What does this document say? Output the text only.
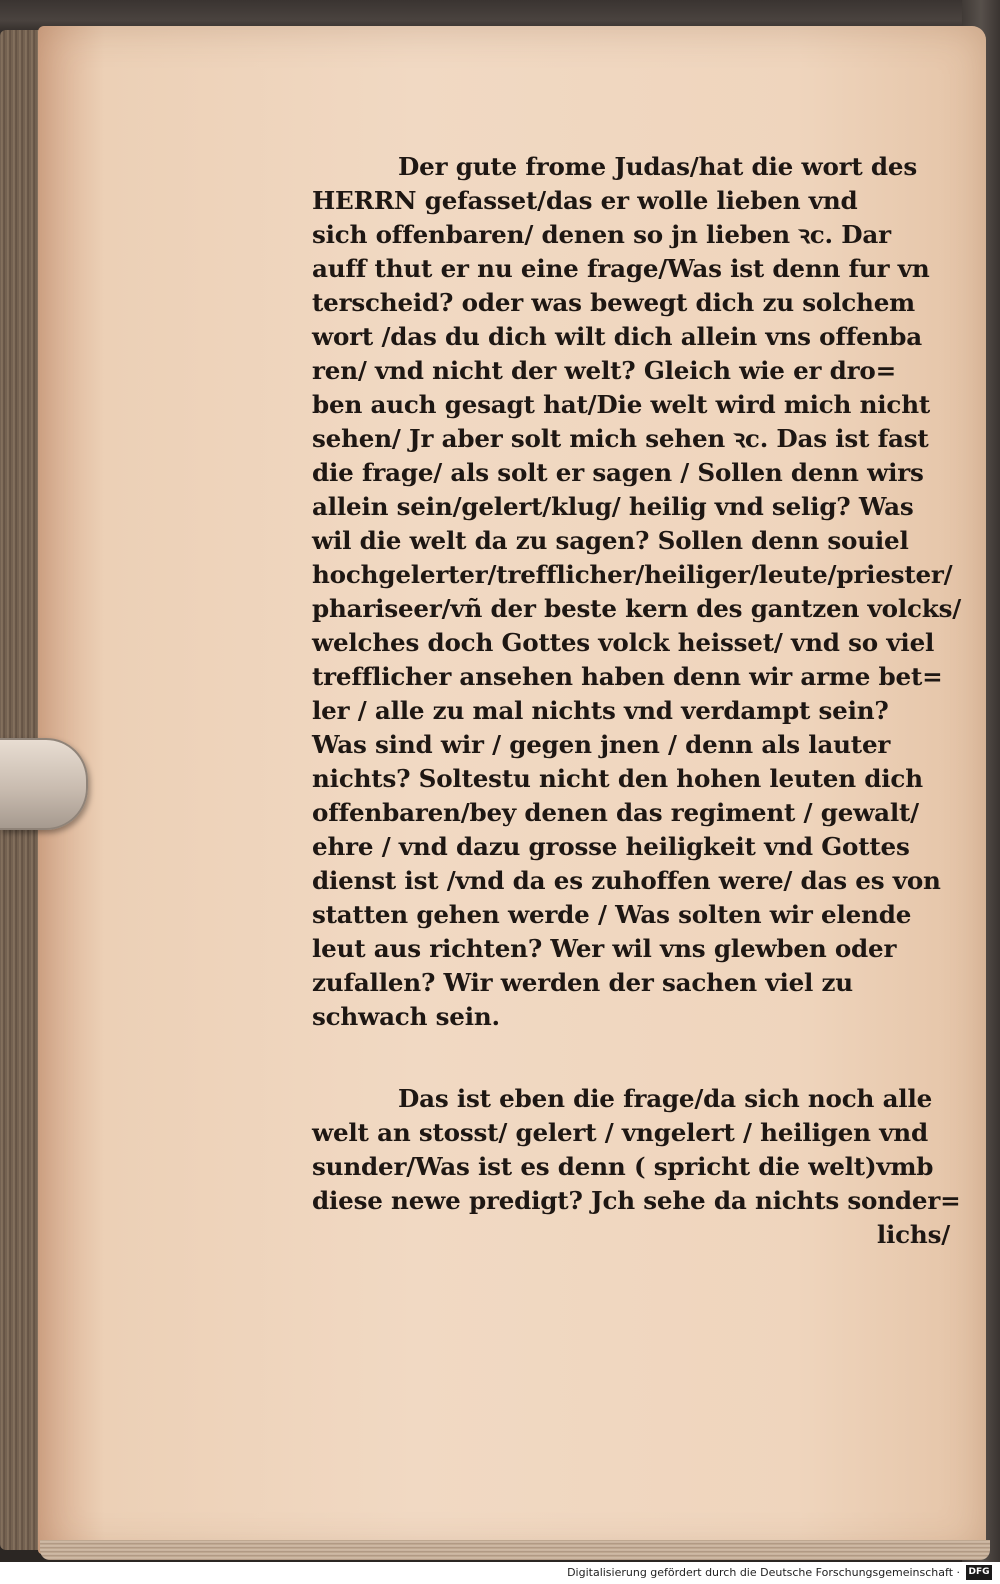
Der gute frome Judas/hat die wort des
HERRN gefasset/das er wolle lieben vnd
sich offenbaren/ denen so jn lieben ꝛc. Dar
auff thut er nu eine frage/Was ist denn fur vn
terscheid? oder was bewegt dich zu solchem
wort /das du dich wilt dich allein vns offenba
ren/ vnd nicht der welt? Gleich wie er dro=
ben auch gesagt hat/Die welt wird mich nicht
sehen/ Jr aber solt mich sehen ꝛc. Das ist fast
die frage/ als solt er sagen / Sollen denn wirs
allein sein/gelert/klug/ heilig vnd selig? Was
wil die welt da zu sagen? Sollen denn souiel
hochgelerter/trefflicher/heiliger/leute/priester/
phariseer/vñ der beste kern des gantzen volcks/
welches doch Gottes volck heisset/ vnd so viel
trefflicher ansehen haben denn wir arme bet=
ler / alle zu mal nichts vnd verdampt sein?
Was sind wir / gegen jnen / denn als lauter
nichts? Soltestu nicht den hohen leuten dich
offenbaren/bey denen das regiment / gewalt/
ehre / vnd dazu grosse heiligkeit vnd Gottes
dienst ist /vnd da es zuhoffen were/ das es von
statten gehen werde / Was solten wir elende
leut aus richten? Wer wil vns glewben oder
zufallen? Wir werden der sachen viel zu
schwach sein.
Das ist eben die frage/da sich noch alle
welt an stosst/ gelert / vngelert / heiligen vnd
sunder/Was ist es denn ( spricht die welt)vmb
diese newe predigt? Jch sehe da nichts sonder=
lichs/
Digitalisierung gefördert durch die Deutsche Forschungsgemeinschaft · DFG
